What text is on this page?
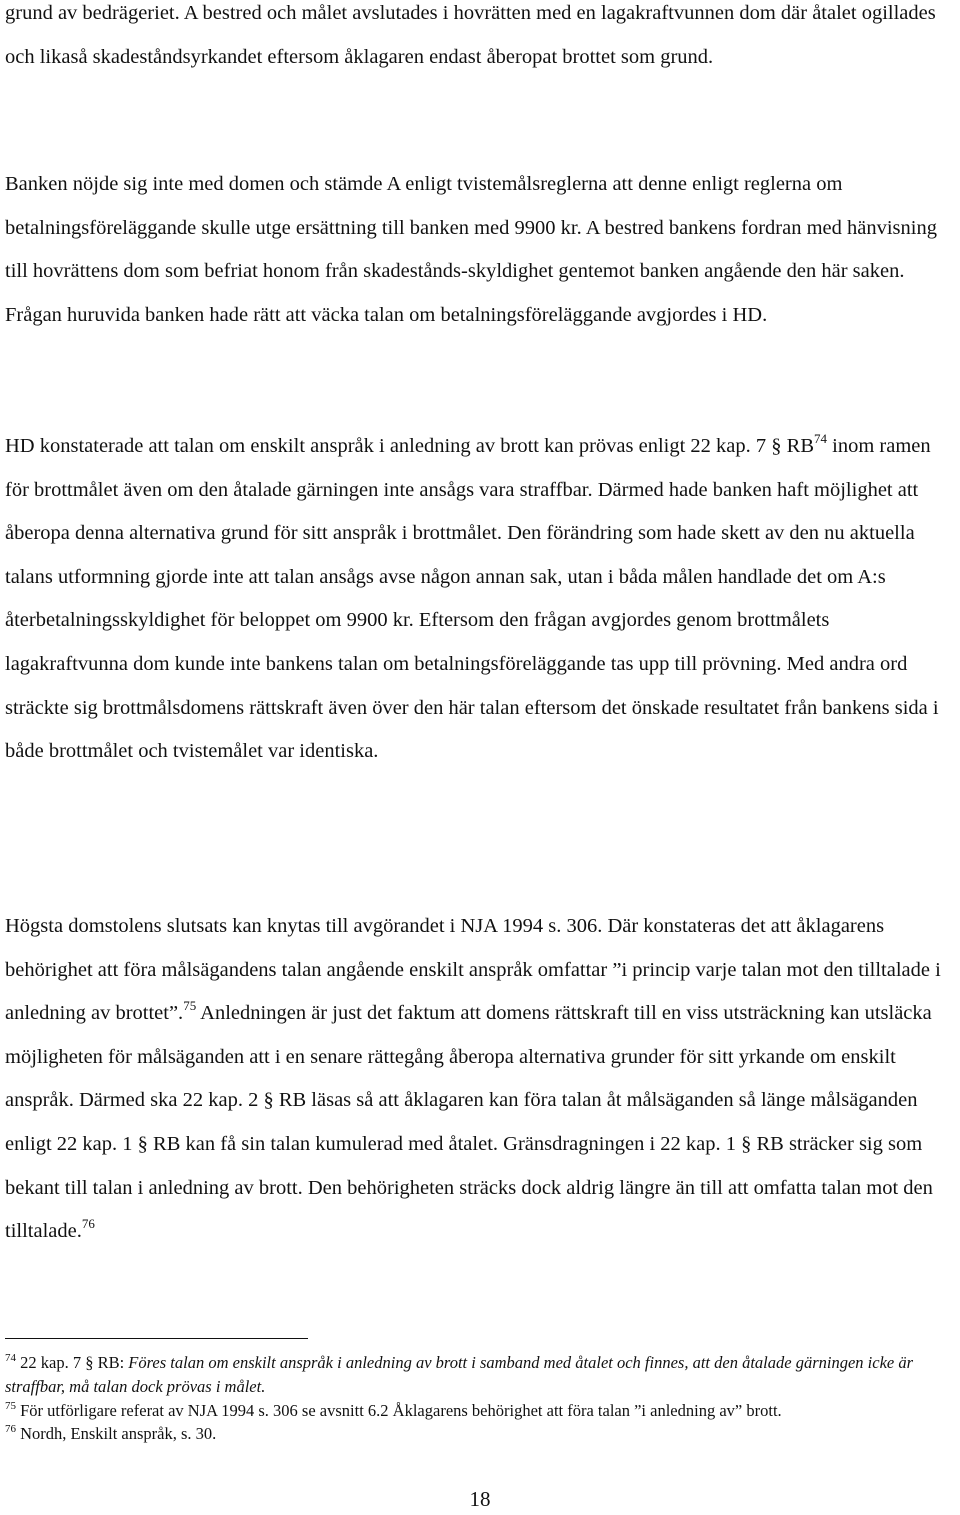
grund av bedrägeriet. A bestred och målet avslutades i hovrätten med en lagakraftvunnen dom där åtalet ogillades och likaså skadeståndsyrkandet eftersom åklagaren endast åberopat brottet som grund.

Banken nöjde sig inte med domen och stämde A enligt tvistemålsreglerna att denne enligt reglerna om betalningsföreläggande skulle utge ersättning till banken med 9900 kr. A bestred bankens fordran med hänvisning till hovrättens dom som befriat honom från skadestånds-skyldighet gentemot banken angående den här saken. Frågan huruvida banken hade rätt att väcka talan om betalningsföreläggande avgjordes i HD.

HD konstaterade att talan om enskilt anspråk i anledning av brott kan prövas enligt 22 kap. 7 § RB$^{74}$ inom ramen för brottmålet även om den åtalade gärningen inte ansågs vara straffbar. Därmed hade banken haft möjlighet att åberopa denna alternativa grund för sitt anspråk i brottmålet. Den förändring som hade skett av den nu aktuella talans utformning gjorde inte att talan ansågs avse någon annan sak, utan i båda målen handlade det om A:s återbetalningsskyldighet för beloppet om 9900 kr. Eftersom den frågan avgjordes genom brottmålets lagakraftvunna dom kunde inte bankens talan om betalningsföreläggande tas upp till prövning. Med andra ord sträckte sig brottmålsdomens rättskraft även över den här talan eftersom det önskade resultatet från bankens sida i både brottmålet och tvistemålet var identiska.

Högsta domstolens slutsats kan knytas till avgörandet i NJA 1994 s. 306. Där konstateras det att åklagarens behörighet att föra målsägandens talan angående enskilt anspråk omfattar ”i princip varje talan mot den tilltalade i anledning av brottet”.$^{75}$ Anledningen är just det faktum att domens rättskraft till en viss utsträckning kan utsläcka möjligheten för målsäganden att i en senare rättegång åberopa alternativa grunder för sitt yrkande om enskilt anspråk. Därmed ska 22 kap. 2 § RB läsas så att åklagaren kan föra talan åt målsäganden så länge målsäganden enligt 22 kap. 1 § RB kan få sin talan kumulerad med åtalet. Gränsdragningen i 22 kap. 1 § RB sträcker sig som bekant till talan i anledning av brott. Den behörigheten sträcks dock aldrig längre än till att omfatta talan mot den tilltalade.$^{76}$

$^{74}$ 22 kap. 7 § RB: Föres talan om enskilt anspråk i anledning av brott i samband med åtalet och finnes, att den åtalade gärningen icke är straffbar, må talan dock prövas i målet.

$^{75}$ För utförligare referat av NJA 1994 s. 306 se avsnitt 6.2 Åklagarens behörighet att föra talan ”i anledning av” brott.

$^{76}$ Nordh, Enskilt anspråk, s. 30.

18
